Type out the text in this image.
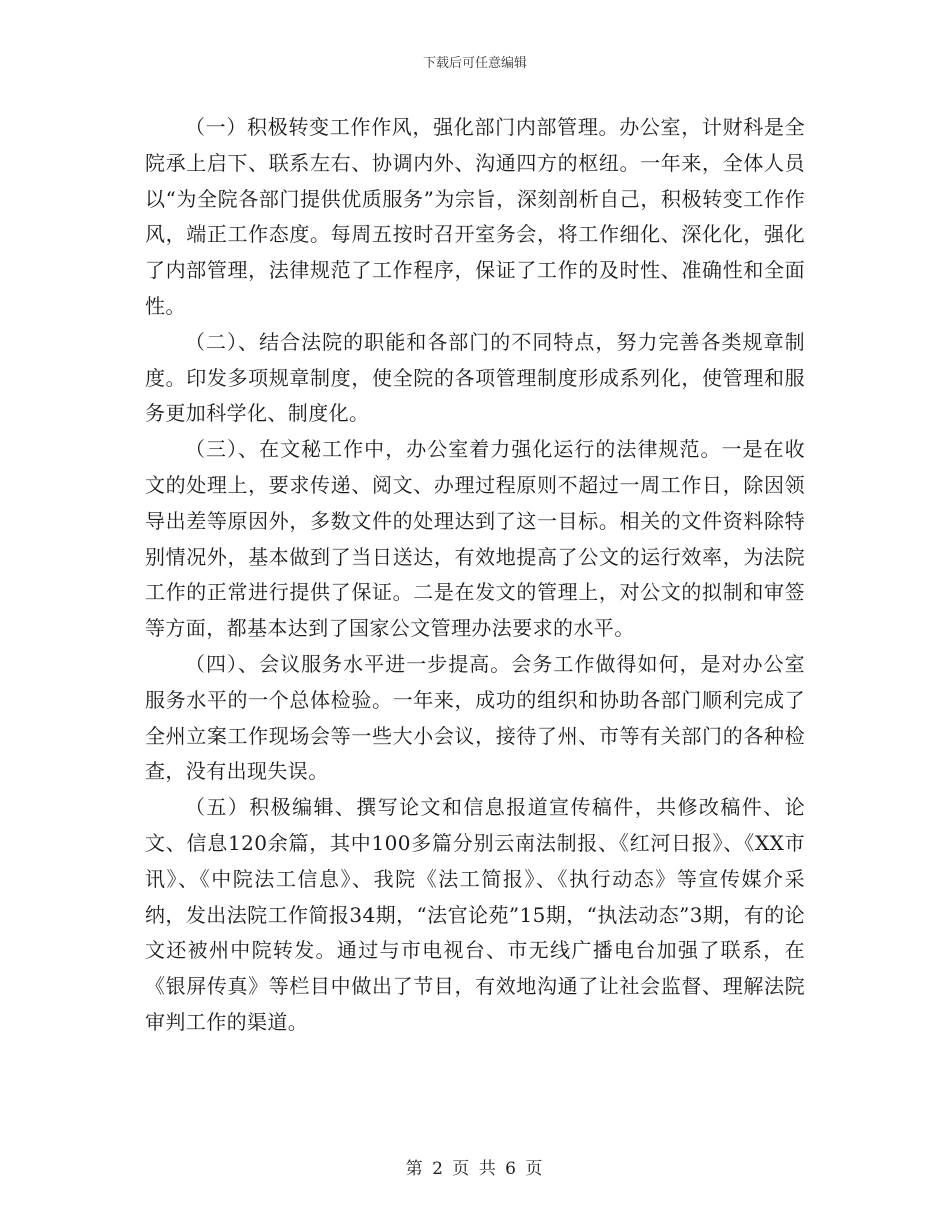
下载后可任意编辑

（一）积极转变工作作风，强化部门内部管理。办公室，计财科是全院承上启下、联系左右、协调内外、沟通四方的枢纽。一年来，全体人员以“为全院各部门提供优质服务”为宗旨，深刻剖析自己，积极转变工作作风，端正工作态度。每周五按时召开室务会，将工作细化、深化化，强化了内部管理，法律规范了工作程序，保证了工作的及时性、准确性和全面性。

（二）、结合法院的职能和各部门的不同特点，努力完善各类规章制度。印发多项规章制度，使全院的各项管理制度形成系列化，使管理和服务更加科学化、制度化。

（三）、在文秘工作中，办公室着力强化运行的法律规范。一是在收文的处理上，要求传递、阅文、办理过程原则不超过一周工作日，除因领导出差等原因外，多数文件的处理达到了这一目标。相关的文件资料除特别情况外，基本做到了当日送达，有效地提高了公文的运行效率，为法院工作的正常进行提供了保证。二是在发文的管理上，对公文的拟制和审签等方面，都基本达到了国家公文管理办法要求的水平。

（四）、会议服务水平进一步提高。会务工作做得如何，是对办公室服务水平的一个总体检验。一年来，成功的组织和协助各部门顺利完成了全州立案工作现场会等一些大小会议，接待了州、市等有关部门的各种检查，没有出现失误。

（五）积极编辑、撰写论文和信息报道宣传稿件，共修改稿件、论文、信息120余篇，其中100多篇分别云南法制报、《红河日报》、《XX市讯》、《中院法工信息》、我院《法工简报》、《执行动态》等宣传媒介采纳，发出法院工作简报34期，“法官论苑”15期，“执法动态”3期，有的论文还被州中院转发。通过与市电视台、市无线广播电台加强了联系，在《银屏传真》等栏目中做出了节目，有效地沟通了让社会监督、理解法院审判工作的渠道。

第 2 页 共 6 页
